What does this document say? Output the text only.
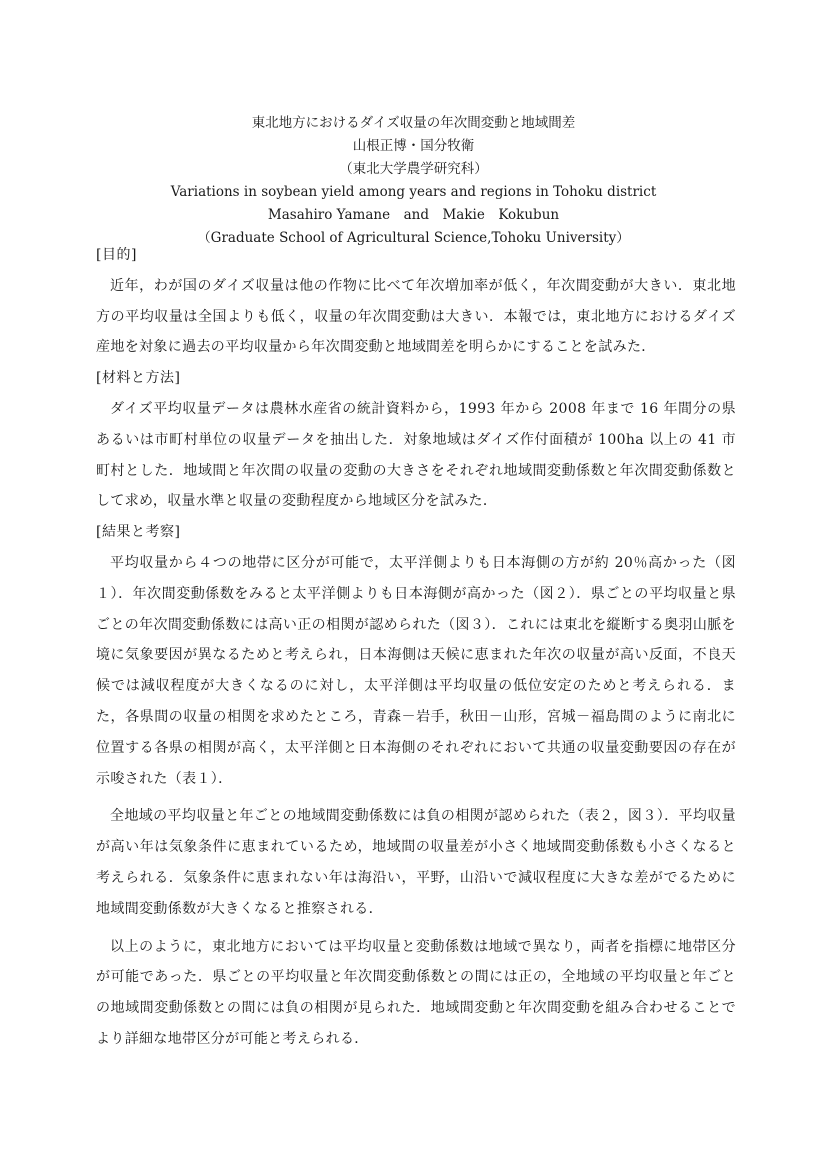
東北地方におけるダイズ収量の年次間変動と地域間差
山根正博・国分牧衛
（東北大学農学研究科）
Variations in soybean yield among years and regions in Tohoku district
Masahiro Yamane　and　Makie　Kokubun
（Graduate School of Agricultural Science,Tohoku University）
[目的]

近年，わが国のダイズ収量は他の作物に比べて年次増加率が低く，年次間変動が大きい．東北地方の平均収量は全国よりも低く，収量の年次間変動は大きい．本報では，東北地方におけるダイズ産地を対象に過去の平均収量から年次間変動と地域間差を明らかにすることを試みた．

[材料と方法]

ダイズ平均収量データは農林水産省の統計資料から，1993 年から 2008 年まで 16 年間分の県あるいは市町村単位の収量データを抽出した．対象地域はダイズ作付面積が 100ha 以上の 41 市町村とした．地域間と年次間の収量の変動の大きさをそれぞれ地域間変動係数と年次間変動係数として求め，収量水準と収量の変動程度から地域区分を試みた．

[結果と考察]

平均収量から４つの地帯に区分が可能で，太平洋側よりも日本海側の方が約 20％高かった（図１）．年次間変動係数をみると太平洋側よりも日本海側が高かった（図２）．県ごとの平均収量と県ごとの年次間変動係数には高い正の相関が認められた（図３）．これには東北を縦断する奥羽山脈を境に気象要因が異なるためと考えられ，日本海側は天候に恵まれた年次の収量が高い反面，不良天候では減収程度が大きくなるのに対し，太平洋側は平均収量の低位安定のためと考えられる．また，各県間の収量の相関を求めたところ，青森－岩手，秋田－山形，宮城－福島間のように南北に位置する各県の相関が高く，太平洋側と日本海側のそれぞれにおいて共通の収量変動要因の存在が示唆された（表１）．

全地域の平均収量と年ごとの地域間変動係数には負の相関が認められた（表２，図３）．平均収量が高い年は気象条件に恵まれているため，地域間の収量差が小さく地域間変動係数も小さくなると考えられる．気象条件に恵まれない年は海沿い，平野，山沿いで減収程度に大きな差がでるために地域間変動係数が大きくなると推察される．

以上のように，東北地方においては平均収量と変動係数は地域で異なり，両者を指標に地帯区分が可能であった．県ごとの平均収量と年次間変動係数との間には正の，全地域の平均収量と年ごとの地域間変動係数との間には負の相関が見られた．地域間変動と年次間変動を組み合わせることでより詳細な地帯区分が可能と考えられる．
